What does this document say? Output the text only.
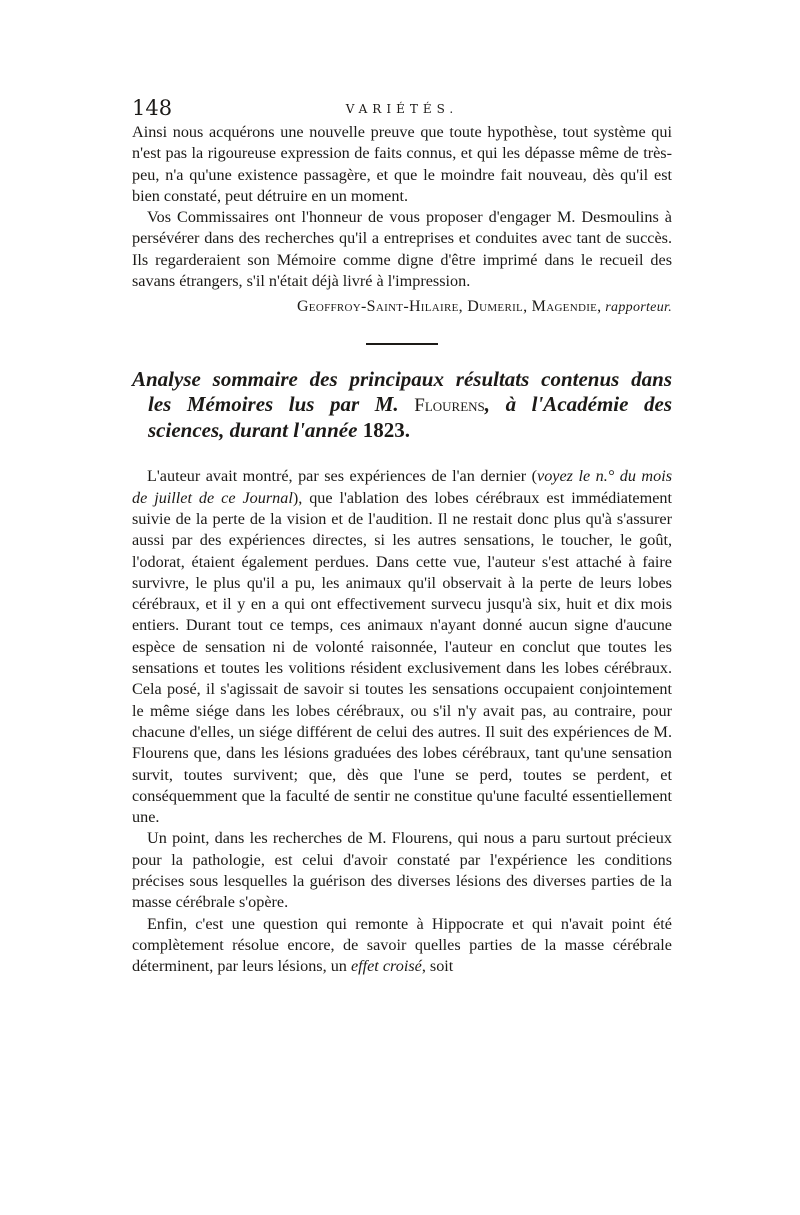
148	VARIÉTÉS.

Ainsi nous acquérons une nouvelle preuve que toute hypothèse, tout système qui n'est pas la rigoureuse expression de faits connus, et qui les dépasse même de très-peu, n'a qu'une existence passagère, et que le moindre fait nouveau, dès qu'il est bien constaté, peut détruire en un moment.

Vos Commissaires ont l'honneur de vous proposer d'engager M. Desmoulins à persévérer dans des recherches qu'il a entreprises et conduites avec tant de succès. Ils regarderaient son Mémoire comme digne d'être imprimé dans le recueil des savans étrangers, s'il n'était déjà livré à l'impression.

Geoffroy-Saint-Hilaire, Dumeril, Magendie, rapporteur.

Analyse sommaire des principaux résultats contenus dans
les Mémoires lus par M. Flourens, à l'Académie des
sciences, durant l'année 1823.

L'auteur avait montré, par ses expériences de l'an dernier (voyez le n.° du mois de juillet de ce Journal), que l'ablation des lobes cérébraux est immédiatement suivie de la perte de la vision et de l'audition. Il ne restait donc plus qu'à s'assurer aussi par des expériences directes, si les autres sensations, le toucher, le goût, l'odorat, étaient également perdues. Dans cette vue, l'auteur s'est attaché à faire survivre, le plus qu'il a pu, les animaux qu'il observait à la perte de leurs lobes cérébraux, et il y en a qui ont effectivement survecu jusqu'à six, huit et dix mois entiers. Durant tout ce temps, ces animaux n'ayant donné aucun signe d'aucune espèce de sensation ni de volonté raisonnée, l'auteur en conclut que toutes les sensations et toutes les volitions résident exclusivement dans les lobes cérébraux. Cela posé, il s'agissait de savoir si toutes les sensations occupaient conjointement le même siége dans les lobes cérébraux, ou s'il n'y avait pas, au contraire, pour chacune d'elles, un siége différent de celui des autres. Il suit des expériences de M. Flourens que, dans les lésions graduées des lobes cérébraux, tant qu'une sensation survit, toutes survivent; que, dès que l'une se perd, toutes se perdent, et conséquemment que la faculté de sentir ne constitue qu'une faculté essentiellement une.

Un point, dans les recherches de M. Flourens, qui nous a paru surtout précieux pour la pathologie, est celui d'avoir constaté par l'expérience les conditions précises sous lesquelles la guérison des diverses lésions des diverses parties de la masse cérébrale s'opère.

Enfin, c'est une question qui remonte à Hippocrate et qui n'avait point été complètement résolue encore, de savoir quelles parties de la masse cérébrale déterminent, par leurs lésions, un effet croisé, soit
